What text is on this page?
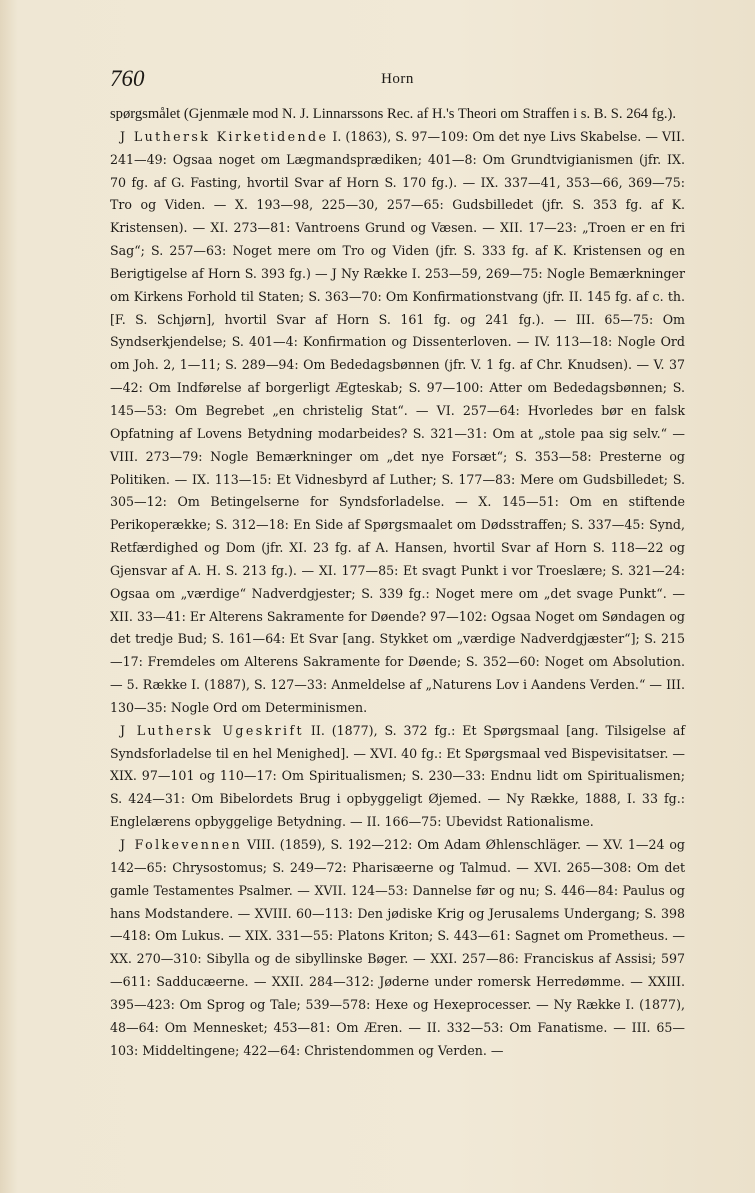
760	Horn

spørgsmålet (Gjenmæle mod N. J. Linnarssons Rec. af H.'s Theori om Straffen i s. B. S. 264 fg.).

J Luthersk Kirketidende I. (1863), S. 97—109: Om det nye Livs Skabelse. — VII. 241—49: Ogsaa noget om Lægmandsprædiken; 401—8: Om Grundtvigianismen (jfr. IX. 70 fg. af G. Fasting, hvortil Svar af Horn S. 170 fg.). — IX. 337—41, 353—66, 369—75: Tro og Viden. — X. 193—98, 225—30, 257—65: Gudsbilledet (jfr. S. 353 fg. af K. Kristensen). — XI. 273—81: Vantroens Grund og Væsen. — XII. 17—23: „Troen er en fri Sag“; S. 257—63: Noget mere om Tro og Viden (jfr. S. 333 fg. af K. Kristensen og en Berigtigelse af Horn S. 393 fg.) — J Ny Række I. 253—59, 269—75: Nogle Bemærkninger om Kirkens Forhold til Staten; S. 363—70: Om Konfirmationstvang (jfr. II. 145 fg. af c. th. [F. S. Schjørn], hvortil Svar af Horn S. 161 fg. og 241 fg.). — III. 65—75: Om Syndserkjendelse; S. 401—4: Konfirmation og Dissenterloven. — IV. 113—18: Nogle Ord om Joh. 2, 1—11; S. 289—94: Om Bededagsbønnen (jfr. V. 1 fg. af Chr. Knudsen). — V. 37—42: Om Indførelse af borgerligt Ægteskab; S. 97—100: Atter om Bededagsbønnen; S. 145—53: Om Begrebet „en christelig Stat“. — VI. 257—64: Hvorledes bør en falsk Opfatning af Lovens Betydning modarbeides? S. 321—31: Om at „stole paa sig selv.“ — VIII. 273—79: Nogle Bemærkninger om „det nye Forsæt“; S. 353—58: Presterne og Politiken. — IX. 113—15: Et Vidnesbyrd af Luther; S. 177—83: Mere om Gudsbilledet; S. 305—12: Om Betingelserne for Syndsforladelse. — X. 145—51: Om en stiftende Perikoperække; S. 312—18: En Side af Spørgsmaalet om Dødsstraffen; S. 337—45: Synd, Retfærdighed og Dom (jfr. XI. 23 fg. af A. Hansen, hvortil Svar af Horn S. 118—22 og Gjensvar af A. H. S. 213 fg.). — XI. 177—85: Et svagt Punkt i vor Troeslære; S. 321—24: Ogsaa om „værdige“ Nadverdgjester; S. 339 fg.: Noget mere om „det svage Punkt“. — XII. 33—41: Er Alterens Sakramente for Døende? 97—102: Ogsaa Noget om Søndagen og det tredje Bud; S. 161—64: Et Svar [ang. Stykket om „værdige Nadverdgjæster“]; S. 215—17: Fremdeles om Alterens Sakramente for Døende; S. 352—60: Noget om Absolution. — 5. Række I. (1887), S. 127—33: Anmeldelse af „Naturens Lov i Aandens Verden.“ — III. 130—35: Nogle Ord om Determinismen.

J Luthersk Ugeskrift II. (1877), S. 372 fg.: Et Spørgsmaal [ang. Tilsigelse af Syndsforladelse til en hel Menighed]. — XVI. 40 fg.: Et Spørgsmaal ved Bispevisitatser. — XIX. 97—101 og 110—17: Om Spiritualismen; S. 230—33: Endnu lidt om Spiritualismen; S. 424—31: Om Bibelordets Brug i opbyggeligt Øjemed. — Ny Række, 1888, I. 33 fg.: Englelærens opbyggelige Betydning. — II. 166—75: Ubevidst Rationalisme.

J Folkevennen VIII. (1859), S. 192—212: Om Adam Øhlenschläger. — XV. 1—24 og 142—65: Chrysostomus; S. 249—72: Pharisæerne og Talmud. — XVI. 265—308: Om det gamle Testamentes Psalmer. — XVII. 124—53: Dannelse før og nu; S. 446—84: Paulus og hans Modstandere. — XVIII. 60—113: Den jødiske Krig og Jerusalems Undergang; S. 398—418: Om Lukus. — XIX. 331—55: Platons Kriton; S. 443—61: Sagnet om Prometheus. — XX. 270—310: Sibylla og de sibyllinske Bøger. — XXI. 257—86: Franciskus af Assisi; 597—611: Sadducæerne. — XXII. 284—312: Jøderne under romersk Herredømme. — XXIII. 395—423: Om Sprog og Tale; 539—578: Hexe og Hexeprocesser. — Ny Række I. (1877), 48—64: Om Mennesket; 453—81: Om Æren. — II. 332—53: Om Fanatisme. — III. 65—103: Middeltingene; 422—64: Christendommen og Verden. —
